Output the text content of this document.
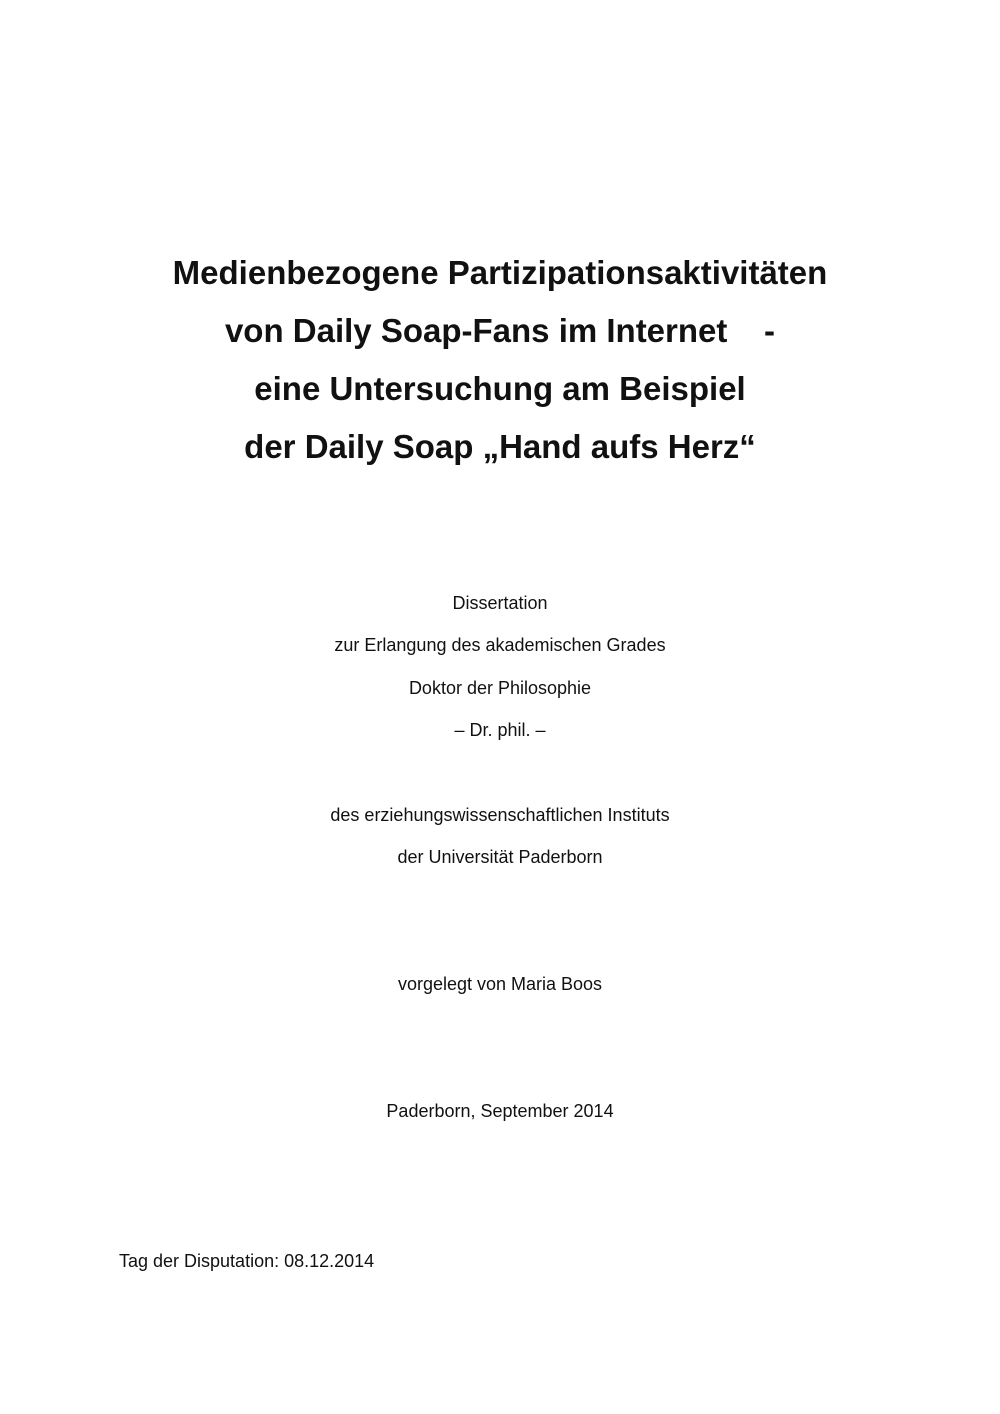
Medienbezogene Partizipationsaktivitäten
von Daily Soap-Fans im Internet    -
eine Untersuchung am Beispiel
der Daily Soap „Hand aufs Herz“
Dissertation
zur Erlangung des akademischen Grades
Doktor der Philosophie
– Dr. phil. –
des erziehungswissenschaftlichen Instituts
der Universität Paderborn
vorgelegt von Maria Boos
Paderborn, September 2014
Tag der Disputation: 08.12.2014
